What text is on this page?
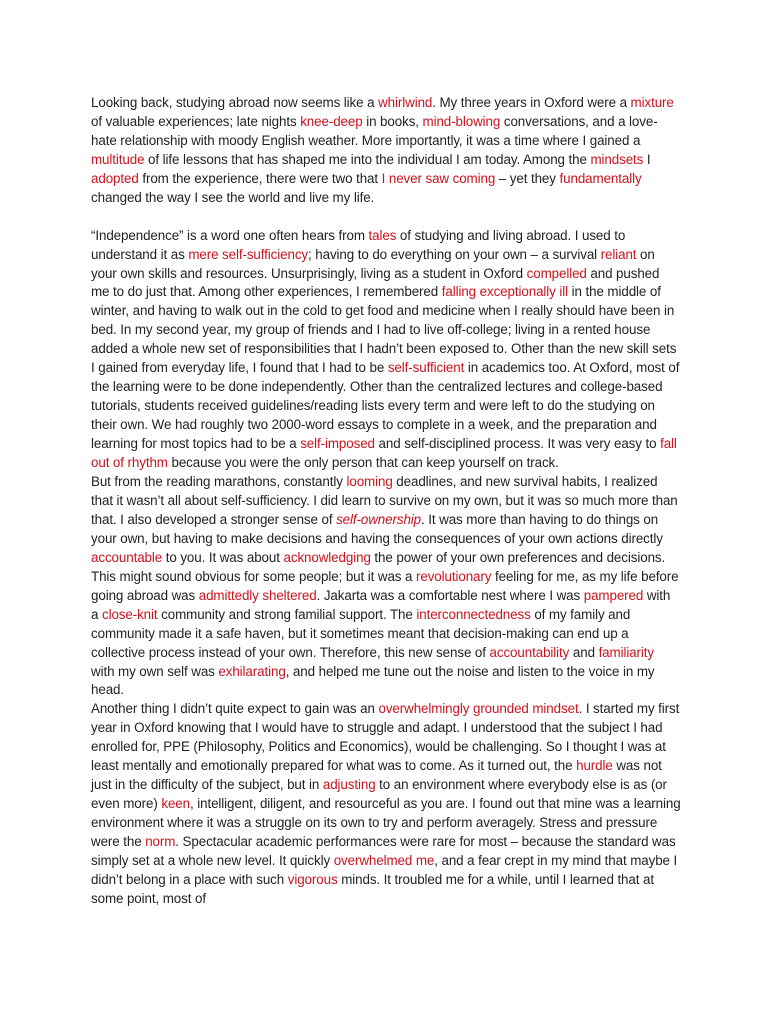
Looking back, studying abroad now seems like a whirlwind. My three years in Oxford were a mixture of valuable experiences; late nights knee-deep in books, mind-blowing conversations, and a love-hate relationship with moody English weather. More importantly, it was a time where I gained a multitude of life lessons that has shaped me into the individual I am today. Among the mindsets I adopted from the experience, there were two that I never saw coming – yet they fundamentally changed the way I see the world and live my life.

“Independence” is a word one often hears from tales of studying and living abroad. I used to understand it as mere self-sufficiency; having to do everything on your own – a survival reliant on your own skills and resources. Unsurprisingly, living as a student in Oxford compelled and pushed me to do just that. Among other experiences, I remembered falling exceptionally ill in the middle of winter, and having to walk out in the cold to get food and medicine when I really should have been in bed. In my second year, my group of friends and I had to live off-college; living in a rented house added a whole new set of responsibilities that I hadn’t been exposed to. Other than the new skill sets I gained from everyday life, I found that I had to be self-sufficient in academics too. At Oxford, most of the learning were to be done independently. Other than the centralized lectures and college-based tutorials, students received guidelines/reading lists every term and were left to do the studying on their own. We had roughly two 2000-word essays to complete in a week, and the preparation and learning for most topics had to be a self-imposed and self-disciplined process. It was very easy to fall out of rhythm because you were the only person that can keep yourself on track.

But from the reading marathons, constantly looming deadlines, and new survival habits, I realized that it wasn’t all about self-sufficiency. I did learn to survive on my own, but it was so much more than that. I also developed a stronger sense of self-ownership. It was more than having to do things on your own, but having to make decisions and having the consequences of your own actions directly accountable to you. It was about acknowledging the power of your own preferences and decisions. This might sound obvious for some people; but it was a revolutionary feeling for me, as my life before going abroad was admittedly sheltered. Jakarta was a comfortable nest where I was pampered with a close-knit community and strong familial support. The interconnectedness of my family and community made it a safe haven, but it sometimes meant that decision-making can end up a collective process instead of your own. Therefore, this new sense of accountability and familiarity with my own self was exhilarating, and helped me tune out the noise and listen to the voice in my head.

Another thing I didn’t quite expect to gain was an overwhelmingly grounded mindset. I started my first year in Oxford knowing that I would have to struggle and adapt. I understood that the subject I had enrolled for, PPE (Philosophy, Politics and Economics), would be challenging. So I thought I was at least mentally and emotionally prepared for what was to come. As it turned out, the hurdle was not just in the difficulty of the subject, but in adjusting to an environment where everybody else is as (or even more) keen, intelligent, diligent, and resourceful as you are. I found out that mine was a learning environment where it was a struggle on its own to try and perform averagely. Stress and pressure were the norm. Spectacular academic performances were rare for most – because the standard was simply set at a whole new level. It quickly overwhelmed me, and a fear crept in my mind that maybe I didn’t belong in a place with such vigorous minds. It troubled me for a while, until I learned that at some point, most of
